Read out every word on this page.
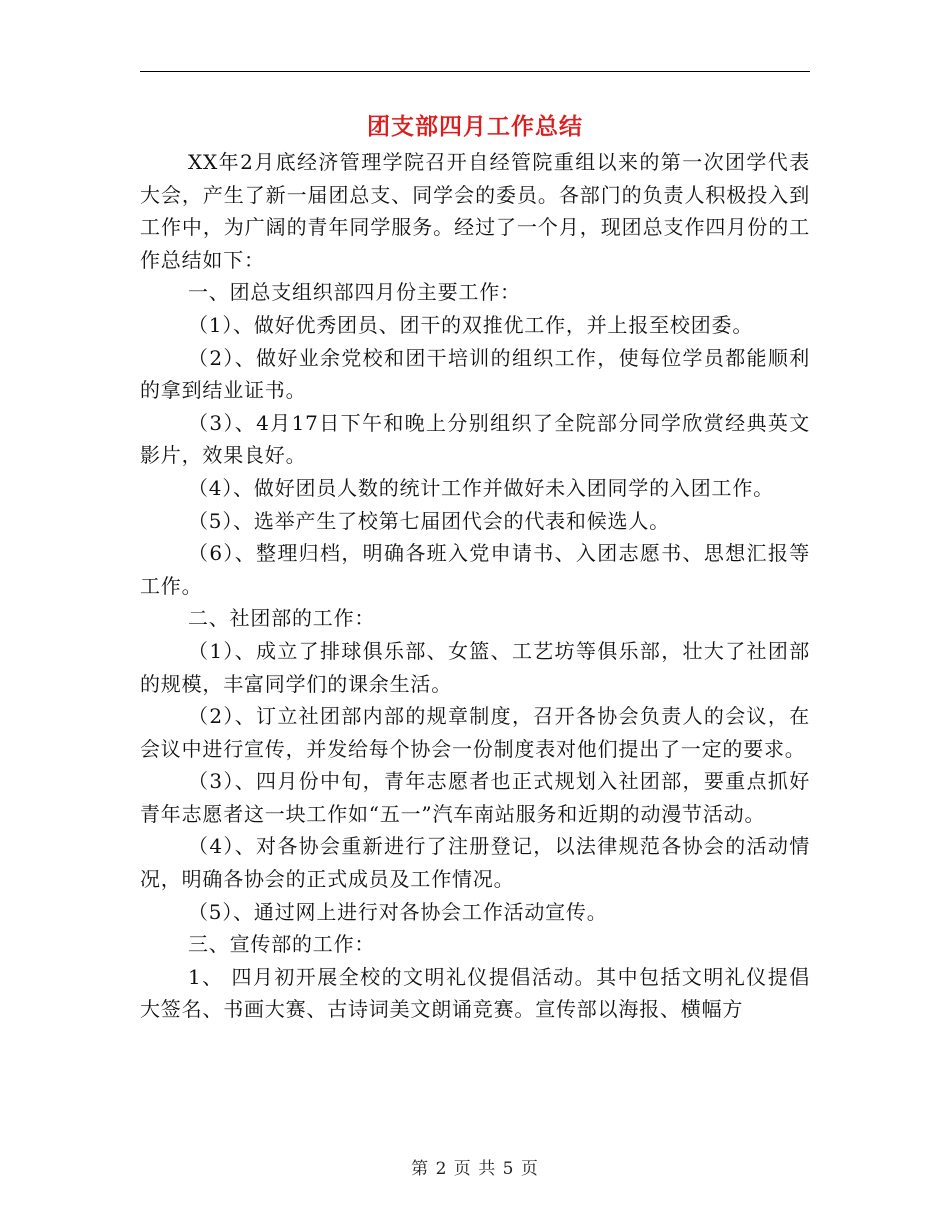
团支部四月工作总结

XX年2月底经济管理学院召开自经管院重组以来的第一次团学代表大会，产生了新一届团总支、同学会的委员。各部门的负责人积极投入到工作中，为广阔的青年同学服务。经过了一个月，现团总支作四月份的工作总结如下：

一、团总支组织部四月份主要工作：

（1）、做好优秀团员、团干的双推优工作，并上报至校团委。

（2）、做好业余党校和团干培训的组织工作，使每位学员都能顺利的拿到结业证书。

（3）、4月17日下午和晚上分别组织了全院部分同学欣赏经典英文影片，效果良好。

（4）、做好团员人数的统计工作并做好未入团同学的入团工作。

（5）、选举产生了校第七届团代会的代表和候选人。

（6）、整理归档，明确各班入党申请书、入团志愿书、思想汇报等工作。

二、社团部的工作：

（1）、成立了排球俱乐部、女篮、工艺坊等俱乐部，壮大了社团部的规模，丰富同学们的课余生活。

（2）、订立社团部内部的规章制度，召开各协会负责人的会议，在会议中进行宣传，并发给每个协会一份制度表对他们提出了一定的要求。

（3）、四月份中旬，青年志愿者也正式规划入社团部，要重点抓好青年志愿者这一块工作如“五一”汽车南站服务和近期的动漫节活动。

（4）、对各协会重新进行了注册登记，以法律规范各协会的活动情况，明确各协会的正式成员及工作情况。

（5）、通过网上进行对各协会工作活动宣传。

三、宣传部的工作：

1、 四月初开展全校的文明礼仪提倡活动。其中包括文明礼仪提倡大签名、书画大赛、古诗词美文朗诵竞赛。宣传部以海报、横幅方

第 2 页 共 5 页
